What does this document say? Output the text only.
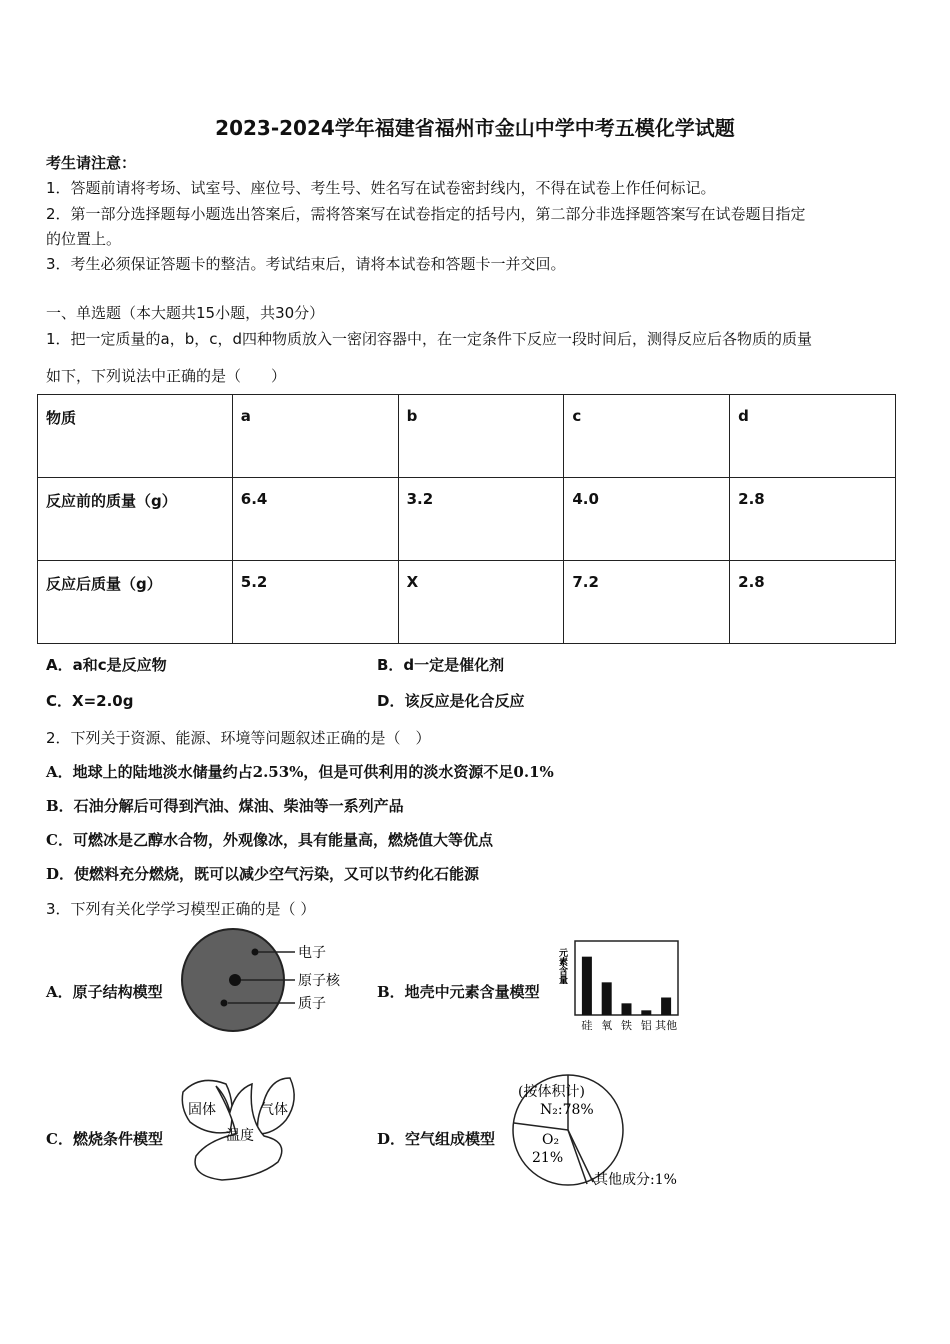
2023-2024学年福建省福州市金山中学中考五模化学试题
考生请注意：
1．答题前请将考场、试室号、座位号、考生号、姓名写在试卷密封线内，不得在试卷上作任何标记。
2．第一部分选择题每小题选出答案后，需将答案写在试卷指定的括号内，第二部分非选择题答案写在试卷题目指定
的位置上。
3．考生必须保证答题卡的整洁。考试结束后，请将本试卷和答题卡一并交回。
一、单选题（本大题共15小题，共30分）
1．把一定质量的a，b，c，d四种物质放入一密闭容器中，在一定条件下反应一段时间后，测得反应后各物质的质量
如下，下列说法中正确的是（　　）
物质	a	b	c	d
反应前的质量（g）	6.4	3.2	4.0	2.8
反应后质量（g）	5.2	X	7.2	2.8
A．a和c是反应物	B．d一定是催化剂
C．X=2.0g	D．该反应是化合反应
2．下列关于资源、能源、环境等问题叙述正确的是（　）
A．地球上的陆地淡水储量约占2.53%，但是可供利用的淡水资源不足0.1%
B．石油分解后可得到汽油、煤油、柴油等一系列产品
C．可燃冰是乙醇水合物，外观像冰，具有能量高，燃烧值大等优点
D．使燃料充分燃烧，既可以减少空气污染，又可以节约化石能源
3．下列有关化学学习模型正确的是（ ）
A．原子结构模型
电子
原子核
质子
B．地壳中元素含量模型
元素含量
硅 氧 铁 铝 其他
C．燃烧条件模型
固体	气体
温度	D．空气组成模型
(按体积计)
N₂:78%
O₂
21%
其他成分:1%
